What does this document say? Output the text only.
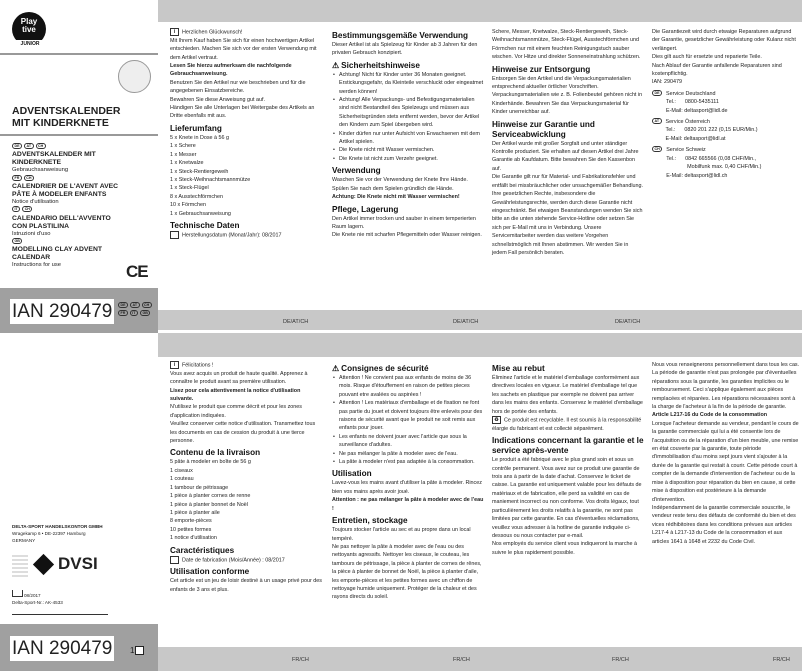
Play
tive
JUNIOR
ADVENTSKALENDER
MIT KINDERKNETE
DE AT CH
ADVENTSKALENDER MIT KINDERKNETE
Gebrauchsanweisung
FR CH
CALENDRIER DE L'AVENT AVEC PÂTE À MODELER ENFANTS
Notice d'utilisation
IT CH
CALENDARIO DELL'AVVENTO CON PLASTILINA
Istruzioni d'uso
GB
MODELLING CLAY ADVENT CALENDAR
Instructions for use	CE
IAN 290479	DE	AT	CH
FR	IT	GB
i Herzlichen Glückwunsch!
Mit Ihrem Kauf haben Sie sich für einen hochwertigen Artikel entschieden. Machen Sie sich vor der ersten Verwendung mit dem Artikel vertraut.
Lesen Sie hierzu aufmerksam die nachfolgende Gebrauchsanweisung.
Benutzen Sie den Artikel nur wie beschrieben und für die angegebenen Einsatzbereiche.
Bewahren Sie diese Anweisung gut auf.
Händigen Sie alle Unterlagen bei Weitergabe des Artikels an Dritte ebenfalls mit aus.
Lieferumfang
5 x Knete in Dose à 56 g
1 x Schere
1 x Messer
1 x Knetwalze
1 x Steck-Rentiergeweih
1 x Steck-Weihnachtsmannmütze
1 x Steck-Flügel
8 x Ausstechförmchen
10 x Förmchen
1 x Gebrauchsanweisung
Technische Daten
Herstellungsdatum (Monat/Jahr): 08/2017
Bestimmungsgemäße Verwendung
Dieser Artikel ist als Spielzeug für Kinder ab 3 Jahren für den privaten Gebrauch konzipiert.
⚠ Sicherheitshinweise
• Achtung! Nicht für Kinder unter 36 Monaten geeignet. Erstickungsgefahr, da Kleinteile verschluckt oder eingeatmet werden können!
• Achtung! Alle Verpackungs- und Befestigungsmaterialien sind nicht Bestandteil des Spielzeugs und müssen aus Sicherheitsgründen stets entfernt werden, bevor der Artikel den Kindern zum Spiel übergeben wird.
• Kinder dürfen nur unter Aufsicht von Erwachsenen mit dem Artikel spielen.
• Die Knete nicht mit Wasser vermischen.
• Die Knete ist nicht zum Verzehr geeignet.
Verwendung
Waschen Sie vor der Verwendung der Knete Ihre Hände. Spülen Sie nach dem Spielen gründlich die Hände.
Achtung: Die Knete nicht mit Wasser vermischen!
Pflege, Lagerung
Den Artikel immer trocken und sauber in einem temperierten Raum lagern.
Die Knete nie mit scharfen Pflegemitteln oder Wasser reinigen.
Schere, Messer, Knetwalze, Steck-Rentiergeweih, Steck-Weihnachtsmannmütze, Steck-Flügel, Ausstechförmchen und Förmchen nur mit einem feuchten Reinigungstuch sauber wischen. Vor Hitze und direkter Sonneneinstrahlung schützen.
Hinweise zur Entsorgung
Entsorgen Sie den Artikel und die Verpackungsmaterialien entsprechend aktueller örtlicher Vorschriften. Verpackungsmaterialien wie z. B. Folienbeutel gehören nicht in Kinderhände. Bewahren Sie das Verpackungsmaterial für Kinder unerreichbar auf.
Hinweise zur Garantie und Serviceabwicklung
Der Artikel wurde mit großer Sorgfalt und unter ständiger Kontrolle produziert. Sie erhalten auf diesen Artikel drei Jahre Garantie ab Kaufdatum. Bitte bewahren Sie den Kassenbon auf.
Die Garantie gilt nur für Material- und Fabrikationsfehler und entfällt bei missbräuchlicher oder unsachgemäßer Behandlung. Ihre gesetzlichen Rechte, insbesondere die Gewährleistungsrechte, werden durch diese Garantie nicht eingeschränkt. Bei etwaigen Beanstandungen wenden Sie sich bitte an die unten stehende Service-Hotline oder setzen Sie sich per E-Mail mit uns in Verbindung. Unsere Servicemitarbeiter werden das weitere Vorgehen schnellstmöglich mit Ihnen abstimmen. Wir werden Sie in jedem Fall persönlich beraten.
Die Garantiezeit wird durch etwaige Reparaturen aufgrund der Garantie, gesetzlicher Gewährleistung oder Kulanz nicht verlängert.
Dies gilt auch für ersetzte und reparierte Teile.
Nach Ablauf der Garantie anfallende Reparaturen sind kostenpflichtig.
IAN: 290479
DE	Service Deutschland
Tel.:      0800-5435111
E-Mail: deltasport@lidl.de
AT	Service Österreich
Tel.:      0820 201 222 (0,15 EUR/Min.)
E-Mail: deltasport@lidl.at
CH	Service Schweiz
Tel.:      0842 665566 (0,08 CHF/Min.,
Mobilfunk max. 0,40 CHF/Min.)
E-Mail: deltasport@lidl.ch
DE/AT/CH	DE/AT/CH	DE/AT/CH
DELTA-SPORT HANDELSKONTOR GMBH
Wragekamp 6 • DE-22397 Hamburg
GERMANY
DVSI
08/2017
Delta-Sport-Nr.: AK-4533
IAN 290479 1
i Félicitations !
Vous avez acquis un produit de haute qualité. Apprenez à connaître le produit avant sa première utilisation.
Lisez pour cela attentivement la notice d'utilisation suivante.
N'utilisez le produit que comme décrit et pour les zones d'application indiquées.
Veuillez conserver cette notice d'utilisation. Transmettez tous les documents en cas de cession du produit à une tierce personne.
Contenu de la livraison
5 pâte à modeler en boîte de 56 g
1 ciseaux
1 couteau
1 tambour de pétrissage
1 pièce à planter cornes de renne
1 pièce à planter bonnet de Noël
1 pièce à planter aile
8 emporte-pièces
10 petites formes
1 notice d'utilisation
Caractéristiques
Date de fabrication (Mois/Année) : 08/2017
Utilisation conforme
Cet article est un jeu de loisir destiné à un usage privé pour des enfants de 3 ans et plus.
⚠ Consignes de sécurité
• Attention ! Ne convient pas aux enfants de moins de 36 mois. Risque d'étouffement en raison de petites pieces pouvant etre avalées ou aspirées !
• Attention ! Les matériaux d'emballage et de fixation ne font pas partie du jouet et doivent toujours être enlevés pour des raisons de sécurité avant que le produit ne soit remis aux enfants pour jouer.
• Les enfants ne doivent jouer avec l'article que sous la surveillance d'adultes.
• Ne pas mélanger la pâte à modeler avec de l'eau.
• La pâte à modeler n'est pas adaptée à la consommation.
Utilisation
Lavez-vous les mains avant d'utiliser la pâte à modeler. Rincez bien vos mains après avoir joué.
Attention : ne pas mélanger la pâte à modeler avec de l'eau !
Entretien, stockage
Toujours stocker l'article au sec et au propre dans un local tempéré.
Ne pas nettoyer la pâte à modeler avec de l'eau ou des nettoyants agressifs. Nettoyer les ciseaux, le couteau, les tambours de pétrissage, la pièce à planter de cornes de rênes, la pièce à planter de bonnet de Noël, la pièce à planter d'aile, les emporte-pièces et les petites formes avec un chiffon de nettoyage humide uniquement. Protéger de la chaleur et des rayons directs du soleil.
Mise au rebut
Éliminez l'article et le matériel d'emballage conformément aux directives locales en vigueur. Le matériel d'emballage tel que les sachets en plastique par exemple ne doivent pas arriver dans les mains des enfants. Conservez le matériel d'emballage hors de portée des enfants.
♻ Ce produit est recyclable. Il est soumis à la responsabilité élargie du fabricant et est collecté séparément.
Indications concernant la garantie et le service après-vente
Le produit a été fabriqué avec le plus grand soin et sous un contrôle permanent. Vous avez sur ce produit une garantie de trois ans à partir de la date d'achat. Conservez le ticket de caisse. La garantie est uniquement valable pour les défauts de matériaux et de fabrication, elle perd sa validité en cas de maniement incorrect ou non conforme. Vos droits légaux, tout particulièrement les droits relatifs à la garantie, ne sont pas limitées par cette garantie. En cas d'éventuelles réclamations, veuillez vous adresser à la hotline de garantie indiquée ci-dessous ou nous contacter par e-mail.
Nos employés du service client vous indiqueront la marche à suivre le plus rapidement possible.
Nous vous renseignerons personnellement dans tous les cas. La période de garantie n'est pas prolongée par d'éventuelles réparations sous la garantie, les garanties implicites ou le remboursement. Ceci s'applique également aux pièces remplacées et réparées. Les réparations nécessaires sont à la charge de l'acheteur à la fin de la période de garantie.
Article L217-16 du Code de la consommation
Lorsque l'acheteur demande au vendeur, pendant le cours de la garantie commerciale qui lui a été consentie lors de l'acquisition ou de la réparation d'un bien meuble, une remise en état couverte par la garantie, toute période d'immobilisation d'au moins sept jours vient s'ajouter à la durée de la garantie qui restait à courir. Cette période court à compter de la demande d'intervention de l'acheteur ou de la mise à disposition pour réparation du bien en cause, si cette mise à disposition est postérieure à la demande d'intervention.
Indépendamment de la garantie commerciale souscrite, le vendeur reste tenu des défauts de conformité du bien et des vices rédhibitoires dans les conditions prévues aux articles L217-4 à L217-13 du Code de la consommation et aux articles 1641 à 1648 et 2232 du Code Civil.
FR/CH	FR/CH	FR/CH	FR/CH
